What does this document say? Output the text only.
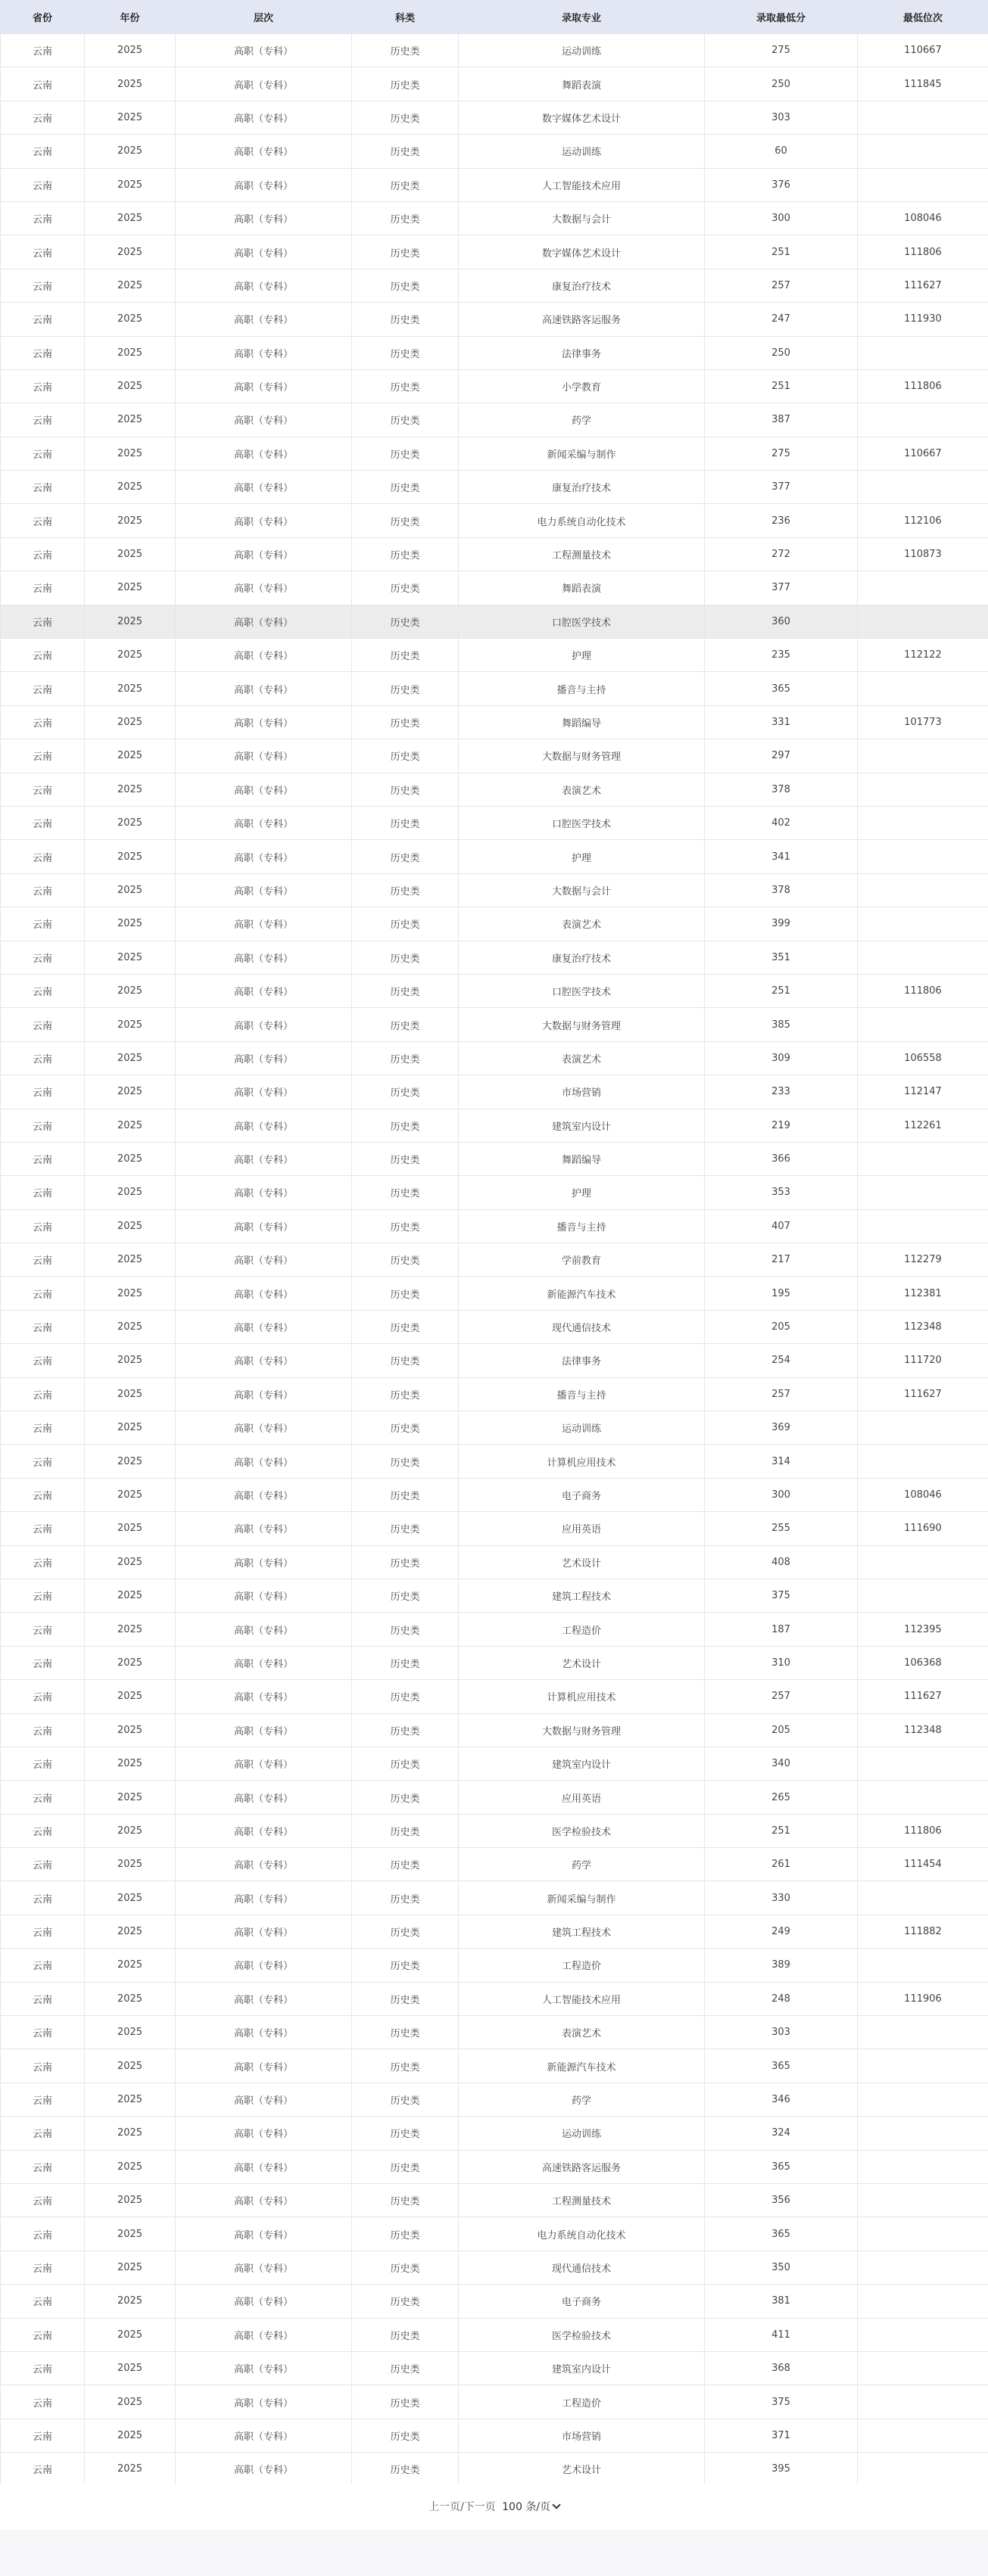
省份	年份	层次	科类	录取专业	录取最低分	最低位次
云南	2025	高职（专科）	历史类	运动训练	275	110667
云南	2025	高职（专科）	历史类	舞蹈表演	250	111845
云南	2025	高职（专科）	历史类	数字媒体艺术设计	303	
云南	2025	高职（专科）	历史类	运动训练	60	
云南	2025	高职（专科）	历史类	人工智能技术应用	376	
云南	2025	高职（专科）	历史类	大数据与会计	300	108046
云南	2025	高职（专科）	历史类	数字媒体艺术设计	251	111806
云南	2025	高职（专科）	历史类	康复治疗技术	257	111627
云南	2025	高职（专科）	历史类	高速铁路客运服务	247	111930
云南	2025	高职（专科）	历史类	法律事务	250	
云南	2025	高职（专科）	历史类	小学教育	251	111806
云南	2025	高职（专科）	历史类	药学	387	
云南	2025	高职（专科）	历史类	新闻采编与制作	275	110667
云南	2025	高职（专科）	历史类	康复治疗技术	377	
云南	2025	高职（专科）	历史类	电力系统自动化技术	236	112106
云南	2025	高职（专科）	历史类	工程测量技术	272	110873
云南	2025	高职（专科）	历史类	舞蹈表演	377	
云南	2025	高职（专科）	历史类	口腔医学技术	360	
云南	2025	高职（专科）	历史类	护理	235	112122
云南	2025	高职（专科）	历史类	播音与主持	365	
云南	2025	高职（专科）	历史类	舞蹈编导	331	101773
云南	2025	高职（专科）	历史类	大数据与财务管理	297	
云南	2025	高职（专科）	历史类	表演艺术	378	
云南	2025	高职（专科）	历史类	口腔医学技术	402	
云南	2025	高职（专科）	历史类	护理	341	
云南	2025	高职（专科）	历史类	大数据与会计	378	
云南	2025	高职（专科）	历史类	表演艺术	399	
云南	2025	高职（专科）	历史类	康复治疗技术	351	
云南	2025	高职（专科）	历史类	口腔医学技术	251	111806
云南	2025	高职（专科）	历史类	大数据与财务管理	385	
云南	2025	高职（专科）	历史类	表演艺术	309	106558
云南	2025	高职（专科）	历史类	市场营销	233	112147
云南	2025	高职（专科）	历史类	建筑室内设计	219	112261
云南	2025	高职（专科）	历史类	舞蹈编导	366	
云南	2025	高职（专科）	历史类	护理	353	
云南	2025	高职（专科）	历史类	播音与主持	407	
云南	2025	高职（专科）	历史类	学前教育	217	112279
云南	2025	高职（专科）	历史类	新能源汽车技术	195	112381
云南	2025	高职（专科）	历史类	现代通信技术	205	112348
云南	2025	高职（专科）	历史类	法律事务	254	111720
云南	2025	高职（专科）	历史类	播音与主持	257	111627
云南	2025	高职（专科）	历史类	运动训练	369	
云南	2025	高职（专科）	历史类	计算机应用技术	314	
云南	2025	高职（专科）	历史类	电子商务	300	108046
云南	2025	高职（专科）	历史类	应用英语	255	111690
云南	2025	高职（专科）	历史类	艺术设计	408	
云南	2025	高职（专科）	历史类	建筑工程技术	375	
云南	2025	高职（专科）	历史类	工程造价	187	112395
云南	2025	高职（专科）	历史类	艺术设计	310	106368
云南	2025	高职（专科）	历史类	计算机应用技术	257	111627
云南	2025	高职（专科）	历史类	大数据与财务管理	205	112348
云南	2025	高职（专科）	历史类	建筑室内设计	340	
云南	2025	高职（专科）	历史类	应用英语	265	
云南	2025	高职（专科）	历史类	医学检验技术	251	111806
云南	2025	高职（专科）	历史类	药学	261	111454
云南	2025	高职（专科）	历史类	新闻采编与制作	330	
云南	2025	高职（专科）	历史类	建筑工程技术	249	111882
云南	2025	高职（专科）	历史类	工程造价	389	
云南	2025	高职（专科）	历史类	人工智能技术应用	248	111906
云南	2025	高职（专科）	历史类	表演艺术	303	
云南	2025	高职（专科）	历史类	新能源汽车技术	365	
云南	2025	高职（专科）	历史类	药学	346	
云南	2025	高职（专科）	历史类	运动训练	324	
云南	2025	高职（专科）	历史类	高速铁路客运服务	365	
云南	2025	高职（专科）	历史类	工程测量技术	356	
云南	2025	高职（专科）	历史类	电力系统自动化技术	365	
云南	2025	高职（专科）	历史类	现代通信技术	350	
云南	2025	高职（专科）	历史类	电子商务	381	
云南	2025	高职（专科）	历史类	医学检验技术	411	
云南	2025	高职（专科）	历史类	建筑室内设计	368	
云南	2025	高职（专科）	历史类	工程造价	375	
云南	2025	高职（专科）	历史类	市场营销	371	
云南	2025	高职（专科）	历史类	艺术设计	395	
上一页/下一页 100 条/页
